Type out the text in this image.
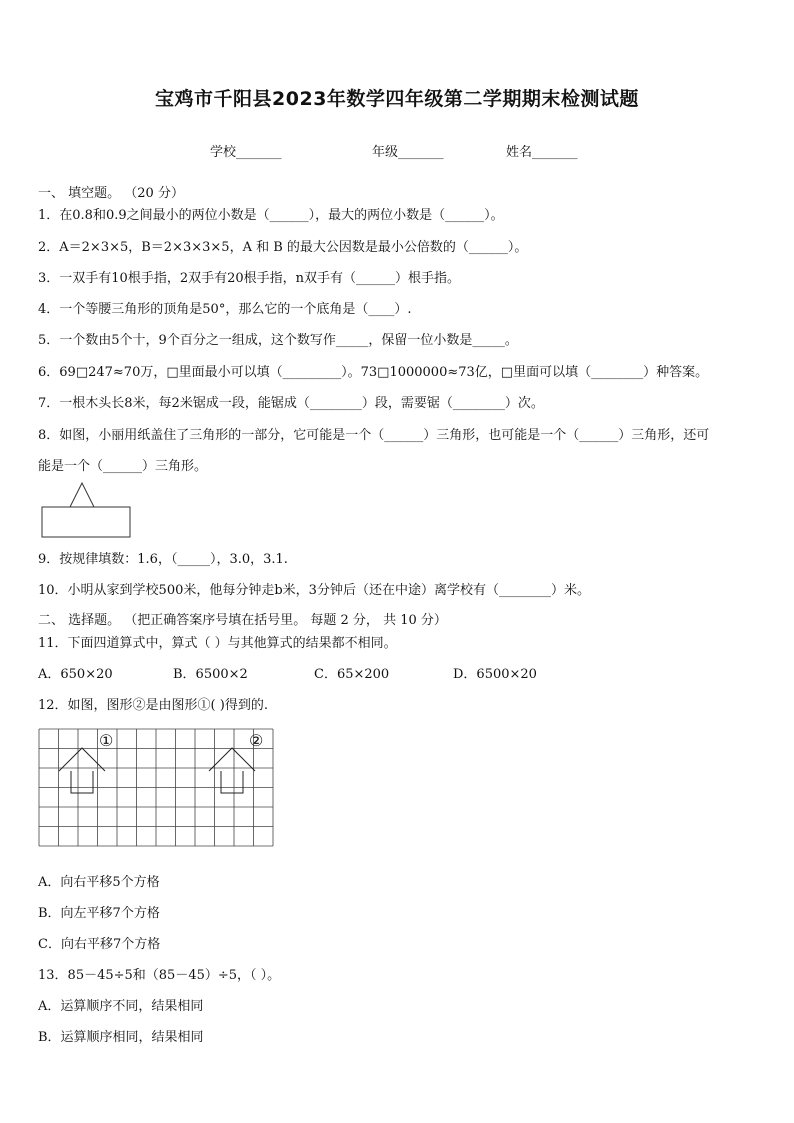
宝鸡市千阳县2023年数学四年级第二学期期末检测试题
学校_______	年级_______	姓名_______
一、 填空题。 （20 分）
1．在0.8和0.9之间最小的两位小数是（______），最大的两位小数是（______）。
2．A＝2×3×5，B＝2×3×3×5，A 和 B 的最大公因数是最小公倍数的（______）。
3．一双手有10根手指，2双手有20根手指，n双手有（______）根手指。
4．一个等腰三角形的顶角是50°，那么它的一个底角是（____）.
5．一个数由5个十，9个百分之一组成，这个数写作_____，保留一位小数是_____。
6．69□247≈70万，□里面最小可以填（_________）。73□1000000≈73亿，□里面可以填（________）种答案。
7．一根木头长8米，每2米锯成一段，能锯成（________）段，需要锯（________）次。
8．如图，小丽用纸盖住了三角形的一部分，它可能是一个（______）三角形，也可能是一个（______）三角形，还可
能是一个（______）三角形。
9．按规律填数：1.6，（_____），3.0，3.1.
10．小明从家到学校500米，他每分钟走b米，3分钟后（还在中途）离学校有（________）米。
二、 选择题。 （把正确答案序号填在括号里。 每题 2 分， 共 10 分）
11．下面四道算式中，算式（ ）与其他算式的结果都不相同。
A．650×20	B．6500×2	C．65×200	D．6500×20
12．如图，图形②是由图形①( )得到的.
①	②
A．向右平移5个方格
B．向左平移7个方格
C．向右平移7个方格
13．85－45÷5和（85－45）÷5，（ ）。
A．运算顺序不同，结果相同
B．运算顺序相同，结果相同
